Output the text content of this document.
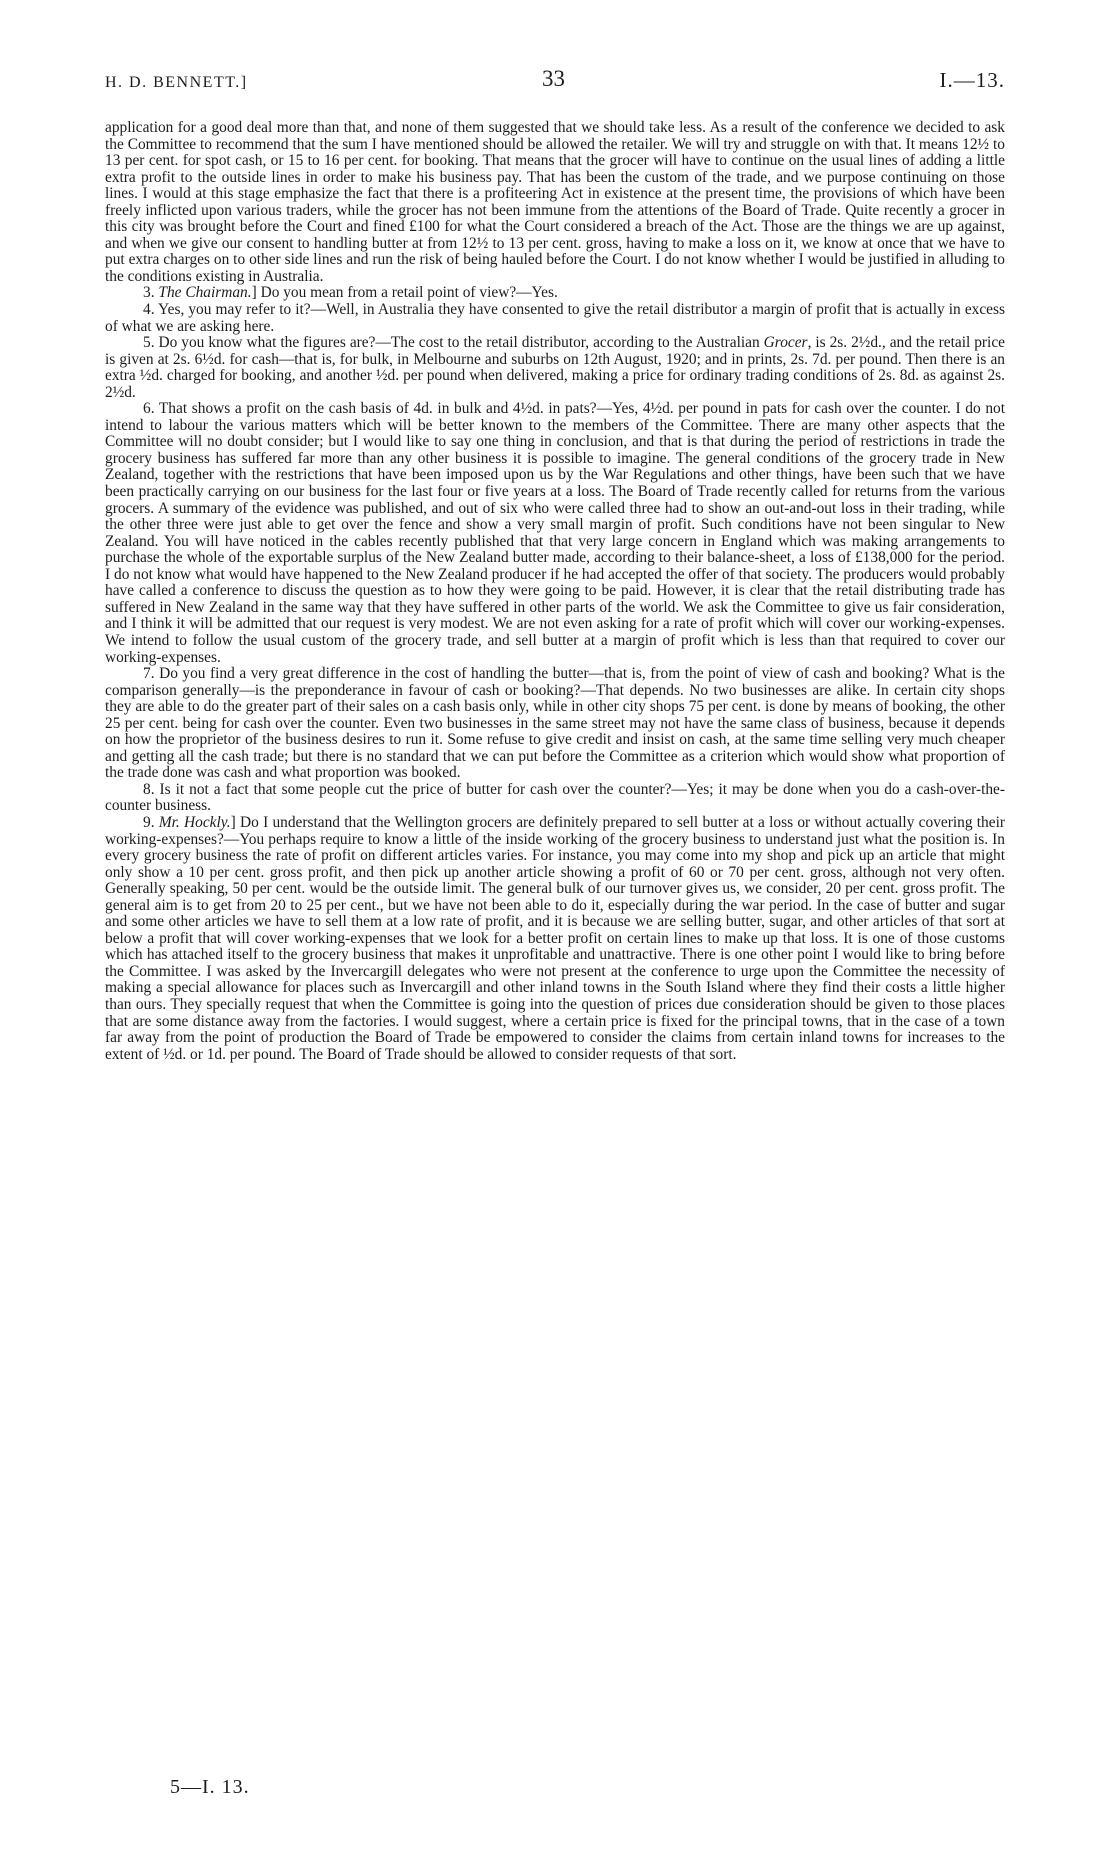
H. D. BENNETT.]	33	I.—13.

application for a good deal more than that, and none of them suggested that we should take less. As a result of the conference we decided to ask the Committee to recommend that the sum I have mentioned should be allowed the retailer. We will try and struggle on with that. It means 12½ to 13 per cent. for spot cash, or 15 to 16 per cent. for booking. That means that the grocer will have to continue on the usual lines of adding a little extra profit to the outside lines in order to make his business pay. That has been the custom of the trade, and we purpose continuing on those lines. I would at this stage emphasize the fact that there is a profiteering Act in existence at the present time, the provisions of which have been freely inflicted upon various traders, while the grocer has not been immune from the attentions of the Board of Trade. Quite recently a grocer in this city was brought before the Court and fined £100 for what the Court considered a breach of the Act. Those are the things we are up against, and when we give our consent to handling butter at from 12½ to 13 per cent. gross, having to make a loss on it, we know at once that we have to put extra charges on to other side lines and run the risk of being hauled before the Court. I do not know whether I would be justified in alluding to the conditions existing in Australia.

3. The Chairman.] Do you mean from a retail point of view?—Yes.

4. Yes, you may refer to it?—Well, in Australia they have consented to give the retail distributor a margin of profit that is actually in excess of what we are asking here.

5. Do you know what the figures are?—The cost to the retail distributor, according to the Australian Grocer, is 2s. 2½d., and the retail price is given at 2s. 6½d. for cash—that is, for bulk, in Melbourne and suburbs on 12th August, 1920; and in prints, 2s. 7d. per pound. Then there is an extra ½d. charged for booking, and another ½d. per pound when delivered, making a price for ordinary trading conditions of 2s. 8d. as against 2s. 2½d.

6. That shows a profit on the cash basis of 4d. in bulk and 4½d. in pats?—Yes, 4½d. per pound in pats for cash over the counter. I do not intend to labour the various matters which will be better known to the members of the Committee. There are many other aspects that the Committee will no doubt consider; but I would like to say one thing in conclusion, and that is that during the period of restrictions in trade the grocery business has suffered far more than any other business it is possible to imagine. The general conditions of the grocery trade in New Zealand, together with the restrictions that have been imposed upon us by the War Regulations and other things, have been such that we have been practically carrying on our business for the last four or five years at a loss. The Board of Trade recently called for returns from the various grocers. A summary of the evidence was published, and out of six who were called three had to show an out-and-out loss in their trading, while the other three were just able to get over the fence and show a very small margin of profit. Such conditions have not been singular to New Zealand. You will have noticed in the cables recently published that that very large concern in England which was making arrangements to purchase the whole of the exportable surplus of the New Zealand butter made, according to their balance-sheet, a loss of £138,000 for the period. I do not know what would have happened to the New Zealand producer if he had accepted the offer of that society. The producers would probably have called a conference to discuss the question as to how they were going to be paid. However, it is clear that the retail distributing trade has suffered in New Zealand in the same way that they have suffered in other parts of the world. We ask the Committee to give us fair consideration, and I think it will be admitted that our request is very modest. We are not even asking for a rate of profit which will cover our working-expenses. We intend to follow the usual custom of the grocery trade, and sell butter at a margin of profit which is less than that required to cover our working-expenses.

7. Do you find a very great difference in the cost of handling the butter—that is, from the point of view of cash and booking? What is the comparison generally—is the preponderance in favour of cash or booking?—That depends. No two businesses are alike. In certain city shops they are able to do the greater part of their sales on a cash basis only, while in other city shops 75 per cent. is done by means of booking, the other 25 per cent. being for cash over the counter. Even two businesses in the same street may not have the same class of business, because it depends on how the proprietor of the business desires to run it. Some refuse to give credit and insist on cash, at the same time selling very much cheaper and getting all the cash trade; but there is no standard that we can put before the Committee as a criterion which would show what proportion of the trade done was cash and what proportion was booked.

8. Is it not a fact that some people cut the price of butter for cash over the counter?—Yes; it may be done when you do a cash-over-the-counter business.

9. Mr. Hockly.] Do I understand that the Wellington grocers are definitely prepared to sell butter at a loss or without actually covering their working-expenses?—You perhaps require to know a little of the inside working of the grocery business to understand just what the position is. In every grocery business the rate of profit on different articles varies. For instance, you may come into my shop and pick up an article that might only show a 10 per cent. gross profit, and then pick up another article showing a profit of 60 or 70 per cent. gross, although not very often. Generally speaking, 50 per cent. would be the outside limit. The general bulk of our turnover gives us, we consider, 20 per cent. gross profit. The general aim is to get from 20 to 25 per cent., but we have not been able to do it, especially during the war period. In the case of butter and sugar and some other articles we have to sell them at a low rate of profit, and it is because we are selling butter, sugar, and other articles of that sort at below a profit that will cover working-expenses that we look for a better profit on certain lines to make up that loss. It is one of those customs which has attached itself to the grocery business that makes it unprofitable and unattractive. There is one other point I would like to bring before the Committee. I was asked by the Invercargill delegates who were not present at the conference to urge upon the Committee the necessity of making a special allowance for places such as Invercargill and other inland towns in the South Island where they find their costs a little higher than ours. They specially request that when the Committee is going into the question of prices due consideration should be given to those places that are some distance away from the factories. I would suggest, where a certain price is fixed for the principal towns, that in the case of a town far away from the point of production the Board of Trade be empowered to consider the claims from certain inland towns for increases to the extent of ½d. or 1d. per pound. The Board of Trade should be allowed to consider requests of that sort.

5—I. 13.
